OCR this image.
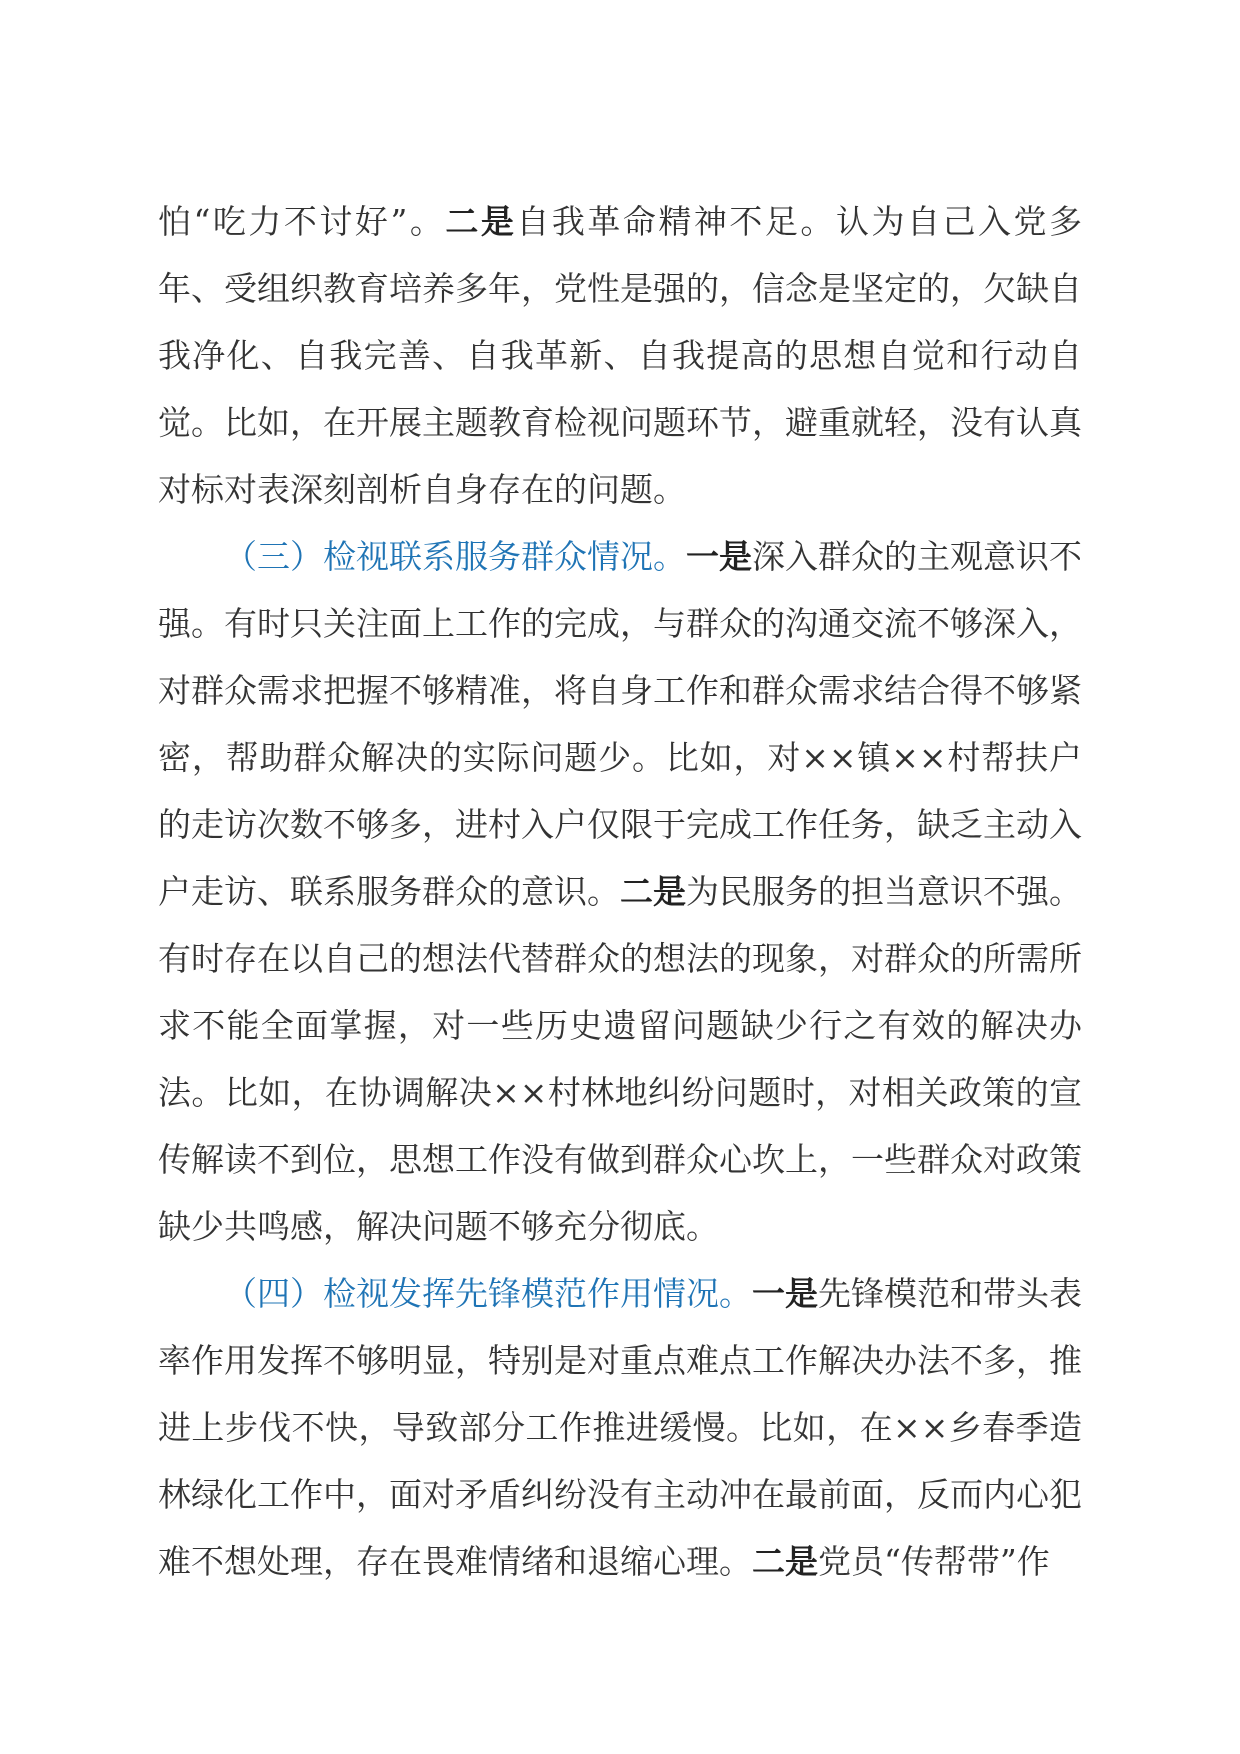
怕“吃力不讨好”。二是自我革命精神不足。认为自己入党多年、受组织教育培养多年，党性是强的，信念是坚定的，欠缺自我净化、自我完善、自我革新、自我提高的思想自觉和行动自觉。比如，在开展主题教育检视问题环节，避重就轻，没有认真对标对表深刻剖析自身存在的问题。

（三）检视联系服务群众情况。一是深入群众的主观意识不强。有时只关注面上工作的完成，与群众的沟通交流不够深入，对群众需求把握不够精准，将自身工作和群众需求结合得不够紧密，帮助群众解决的实际问题少。比如，对××镇××村帮扶户的走访次数不够多，进村入户仅限于完成工作任务，缺乏主动入户走访、联系服务群众的意识。二是为民服务的担当意识不强。有时存在以自己的想法代替群众的想法的现象，对群众的所需所求不能全面掌握，对一些历史遗留问题缺少行之有效的解决办法。比如，在协调解决××村林地纠纷问题时，对相关政策的宣传解读不到位，思想工作没有做到群众心坎上，一些群众对政策缺少共鸣感，解决问题不够充分彻底。

（四）检视发挥先锋模范作用情况。一是先锋模范和带头表率作用发挥不够明显，特别是对重点难点工作解决办法不多，推进上步伐不快，导致部分工作推进缓慢。比如，在××乡春季造林绿化工作中，面对矛盾纠纷没有主动冲在最前面，反而内心犯难不想处理，存在畏难情绪和退缩心理。二是党员“传帮带”作
